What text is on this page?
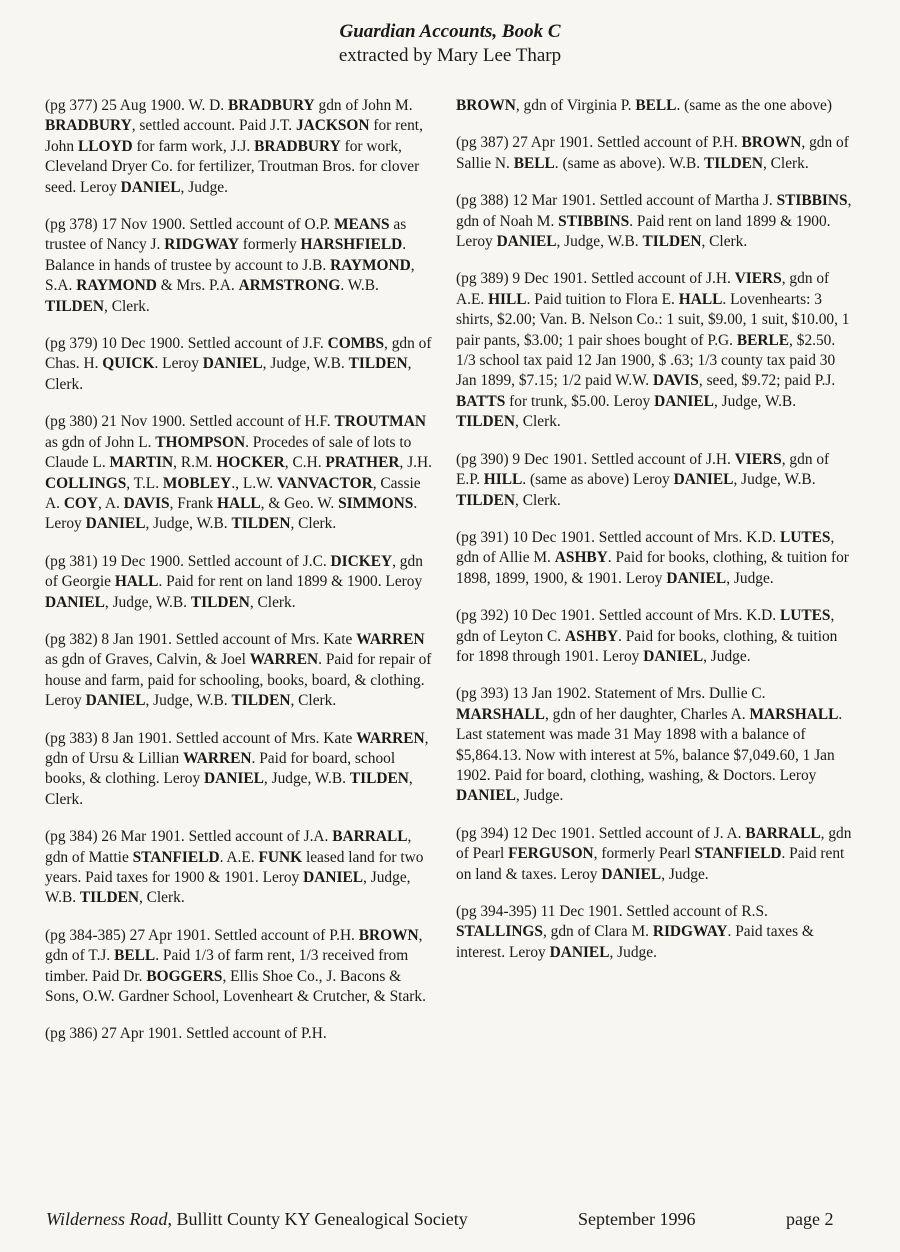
Guardian Accounts, Book C
extracted by Mary Lee Tharp

(pg 377) 25 Aug 1900. W. D. BRADBURY gdn of John M. BRADBURY, settled account. Paid J.T. JACKSON for rent, John LLOYD for farm work, J.J. BRADBURY for work, Cleveland Dryer Co. for fertilizer, Troutman Bros. for clover seed. Leroy DANIEL, Judge.

(pg 378) 17 Nov 1900. Settled account of O.P. MEANS as trustee of Nancy J. RIDGWAY formerly HARSHFIELD. Balance in hands of trustee by account to J.B. RAYMOND, S.A. RAYMOND & Mrs. P.A. ARMSTRONG. W.B. TILDEN, Clerk.

(pg 379) 10 Dec 1900. Settled account of J.F. COMBS, gdn of Chas. H. QUICK. Leroy DANIEL, Judge, W.B. TILDEN, Clerk.

(pg 380) 21 Nov 1900. Settled account of H.F. TROUTMAN as gdn of John L. THOMPSON. Procedes of sale of lots to Claude L. MARTIN, R.M. HOCKER, C.H. PRATHER, J.H. COLLINGS, T.L. MOBLEY., L.W. VANVACTOR, Cassie A. COY, A. DAVIS, Frank HALL, & Geo. W. SIMMONS. Leroy DANIEL, Judge, W.B. TILDEN, Clerk.

(pg 381) 19 Dec 1900. Settled account of J.C. DICKEY, gdn of Georgie HALL. Paid for rent on land 1899 & 1900. Leroy DANIEL, Judge, W.B. TILDEN, Clerk.

(pg 382) 8 Jan 1901. Settled account of Mrs. Kate WARREN as gdn of Graves, Calvin, & Joel WARREN. Paid for repair of house and farm, paid for schooling, books, board, & clothing. Leroy DANIEL, Judge, W.B. TILDEN, Clerk.

(pg 383) 8 Jan 1901. Settled account of Mrs. Kate WARREN, gdn of Ursu & Lillian WARREN. Paid for board, school books, & clothing. Leroy DANIEL, Judge, W.B. TILDEN, Clerk.

(pg 384) 26 Mar 1901. Settled account of J.A. BARRALL, gdn of Mattie STANFIELD. A.E. FUNK leased land for two years. Paid taxes for 1900 & 1901. Leroy DANIEL, Judge, W.B. TILDEN, Clerk.

(pg 384-385) 27 Apr 1901. Settled account of P.H. BROWN, gdn of T.J. BELL. Paid 1/3 of farm rent, 1/3 received from timber. Paid Dr. BOGGERS, Ellis Shoe Co., J. Bacons & Sons, O.W. Gardner School, Lovenheart & Crutcher, & Stark.

(pg 386) 27 Apr 1901. Settled account of P.H.

BROWN, gdn of Virginia P. BELL. (same as the one above)

(pg 387) 27 Apr 1901. Settled account of P.H. BROWN, gdn of Sallie N. BELL. (same as above). W.B. TILDEN, Clerk.

(pg 388) 12 Mar 1901. Settled account of Martha J. STIBBINS, gdn of Noah M. STIBBINS. Paid rent on land 1899 & 1900. Leroy DANIEL, Judge, W.B. TILDEN, Clerk.

(pg 389) 9 Dec 1901. Settled account of J.H. VIERS, gdn of A.E. HILL. Paid tuition to Flora E. HALL. Lovenhearts: 3 shirts, $2.00; Van. B. Nelson Co.: 1 suit, $9.00, 1 suit, $10.00, 1 pair pants, $3.00; 1 pair shoes bought of P.G. BERLE, $2.50. 1/3 school tax paid 12 Jan 1900, $ .63; 1/3 county tax paid 30 Jan 1899, $7.15; 1/2 paid W.W. DAVIS, seed, $9.72; paid P.J. BATTS for trunk, $5.00. Leroy DANIEL, Judge, W.B. TILDEN, Clerk.

(pg 390) 9 Dec 1901. Settled account of J.H. VIERS, gdn of E.P. HILL. (same as above) Leroy DANIEL, Judge, W.B. TILDEN, Clerk.

(pg 391) 10 Dec 1901. Settled account of Mrs. K.D. LUTES, gdn of Allie M. ASHBY. Paid for books, clothing, & tuition for 1898, 1899, 1900, & 1901. Leroy DANIEL, Judge.

(pg 392) 10 Dec 1901. Settled account of Mrs. K.D. LUTES, gdn of Leyton C. ASHBY. Paid for books, clothing, & tuition for 1898 through 1901. Leroy DANIEL, Judge.

(pg 393) 13 Jan 1902. Statement of Mrs. Dullie C. MARSHALL, gdn of her daughter, Charles A. MARSHALL. Last statement was made 31 May 1898 with a balance of $5,864.13. Now with interest at 5%, balance $7,049.60, 1 Jan 1902. Paid for board, clothing, washing, & Doctors. Leroy DANIEL, Judge.

(pg 394) 12 Dec 1901. Settled account of J. A. BARRALL, gdn of Pearl FERGUSON, formerly Pearl STANFIELD. Paid rent on land & taxes. Leroy DANIEL, Judge.

(pg 394-395) 11 Dec 1901. Settled account of R.S. STALLINGS, gdn of Clara M. RIDGWAY. Paid taxes & interest. Leroy DANIEL, Judge.

Wilderness Road, Bullitt County KY Genealogical Society	September 1996	page 2
